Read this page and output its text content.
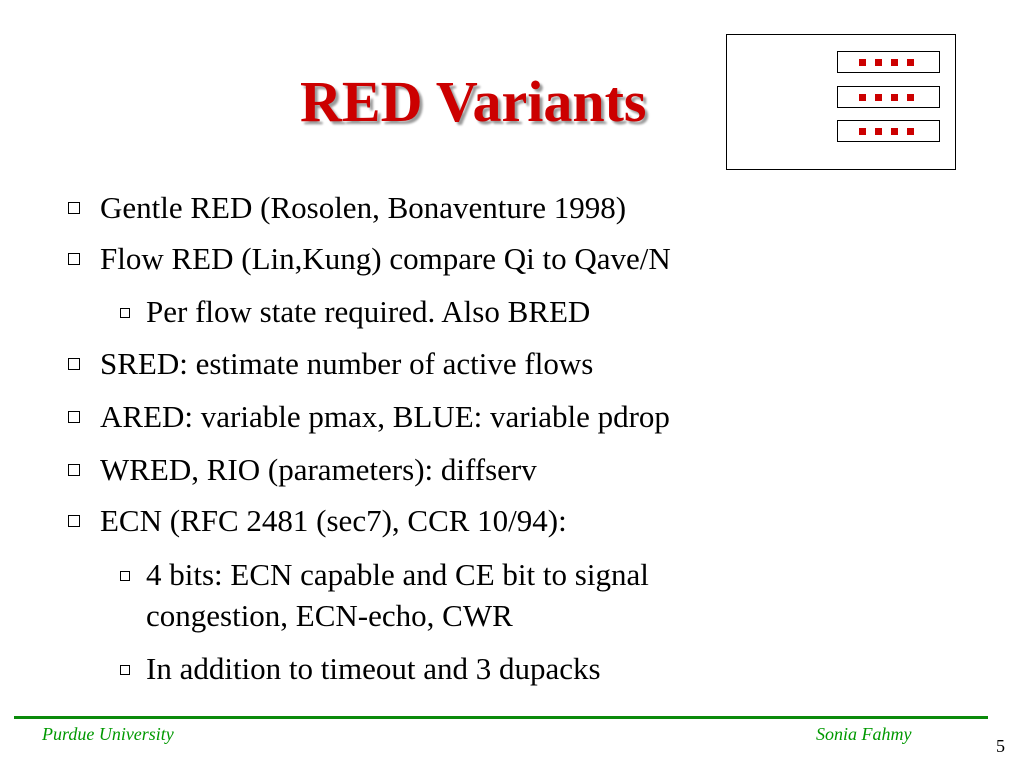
RED Variants
Gentle RED (Rosolen, Bonaventure 1998)
Flow RED (Lin,Kung) compare Qi to Qave/N
Per flow state required. Also BRED
SRED: estimate number of active flows
ARED: variable pmax, BLUE: variable pdrop
WRED, RIO (parameters): diffserv
ECN (RFC 2481 (sec7), CCR 10/94):
4 bits: ECN capable and CE bit to signal
congestion, ECN-echo, CWR
In addition to timeout and 3 dupacks
Purdue University	Sonia Fahmy
5
